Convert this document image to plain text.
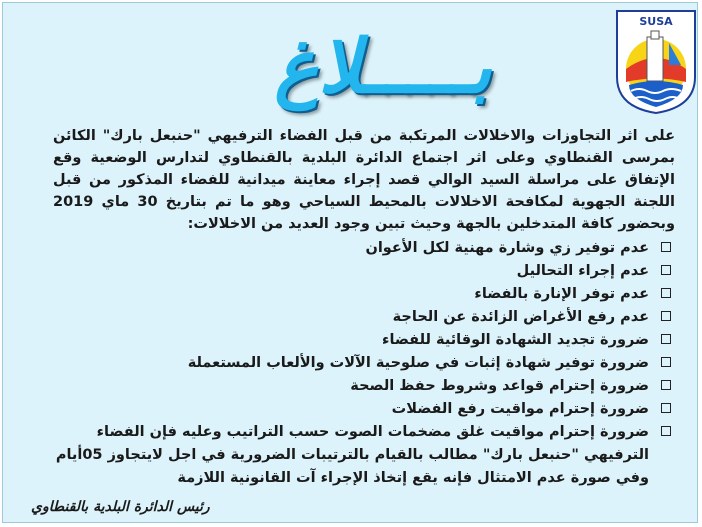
SUSA
بـــــلاغ

على اثر التجاوزات والاخلالات المرتكبة من قبل الفضاء الترفيهي "حنبعل بارك" الكائن بمرسى القنطاوي وعلى اثر اجتماع الدائرة البلدية بالقنطاوي لتدارس الوضعية وقع الإتفاق على مراسلة السيد الوالي قصد إجراء معاينة ميدانية للفضاء المذكور من قبل اللجنة الجهوية لمكافحة الاخلالات بالمحيط السياحي وهو ما تم بتاريخ 30 ماي 2019 وبحضور كافة المتدخلين بالجهة وحيث تبين وجود العديد من الاخلالات:

عدم توفير زي وشارة مهنية لكل الأعوان
عدم إجراء التحاليل
عدم توفر الإنارة بالفضاء
عدم رفع الأغراض الزائدة عن الحاجة
ضرورة تجديد الشهادة الوقائية للفضاء
ضرورة توفير شهادة إثبات في صلوحية الآلات والألعاب المستعملة
ضرورة إحترام قواعد وشروط حفظ الصحة
ضرورة إحترام مواقيت رفع الفضلات
ضرورة إحترام مواقيت غلق مضخمات الصوت حسب التراتيب وعليه فإن الفضاء الترفيهي "حنبعل بارك" مطالب بالقيام بالترتيبات الضرورية في اجل لايتجاوز 05أيام وفي صورة عدم الامتثال فإنه يقع إتخاذ الإجراء آت القانونية اللازمة
رئيس الدائرة البلدية بالقنطاوي
